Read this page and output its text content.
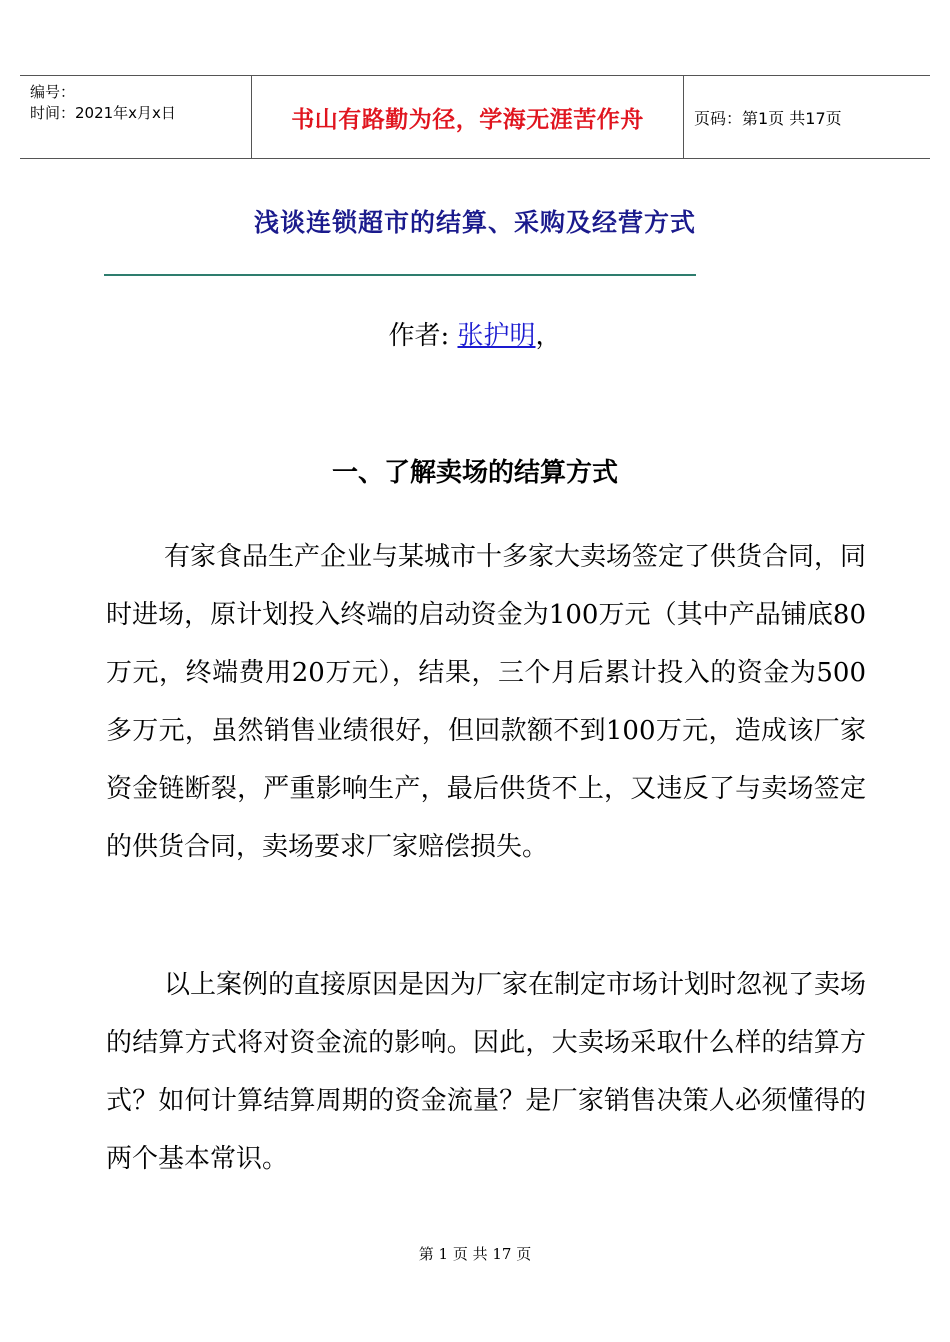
编号：
时间：2021年x月x日	书山有路勤为径，学海无涯苦作舟	页码：第1页 共17页
浅谈连锁超市的结算、采购及经营方式
作者: 张护明，
一、了解卖场的结算方式
有家食品生产企业与某城市十多家大卖场签定了供货合同，同时进场，原计划投入终端的启动资金为100万元（其中产品铺底80万元，终端费用20万元），结果，三个月后累计投入的资金为500多万元，虽然销售业绩很好，但回款额不到100万元，造成该厂家资金链断裂，严重影响生产，最后供货不上，又违反了与卖场签定的供货合同，卖场要求厂家赔偿损失。
以上案例的直接原因是因为厂家在制定市场计划时忽视了卖场的结算方式将对资金流的影响。因此，大卖场采取什么样的结算方式？如何计算结算周期的资金流量？是厂家销售决策人必须懂得的两个基本常识。
第 1 页 共 17 页
